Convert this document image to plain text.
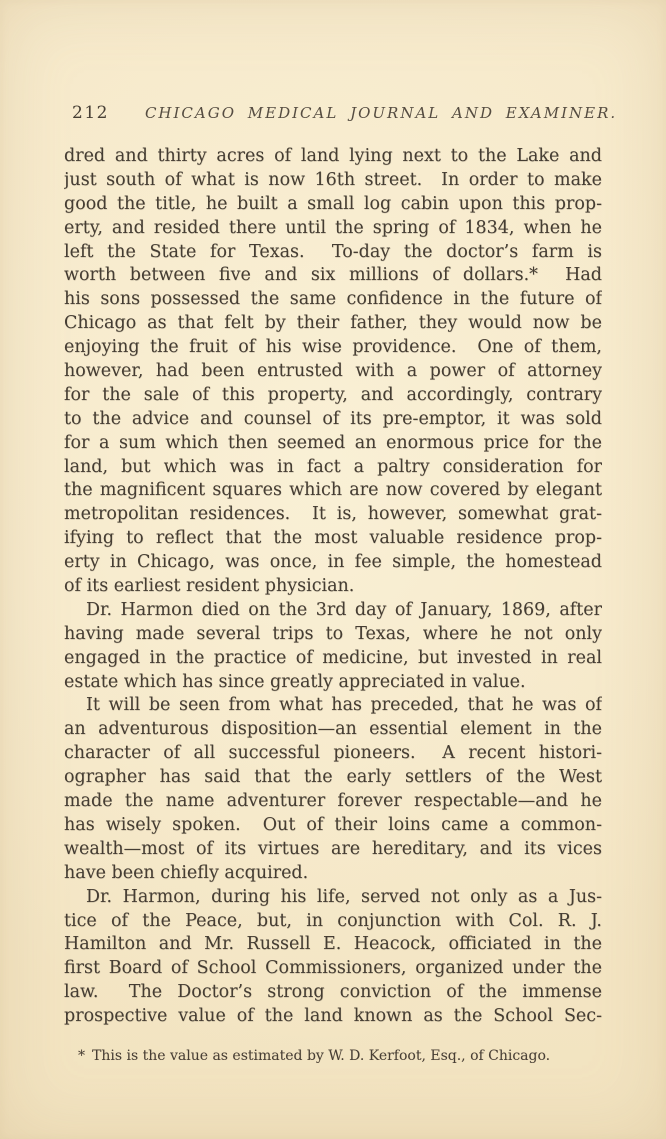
212 CHICAGO MEDICAL JOURNAL AND EXAMINER.
dred and thirty acres of land lying next to the Lake and
just south of what is now 16th street.  In order to make
good the title, he built a small log cabin upon this prop-
erty, and resided there until the spring of 1834, when he
left the State for Texas.  To-day the doctor’s farm is
worth between five and six millions of dollars.*  Had
his sons possessed the same confidence in the future of
Chicago as that felt by their father, they would now be
enjoying the fruit of his wise providence.  One of them,
however, had been entrusted with a power of attorney
for the sale of this property, and accordingly, contrary
to the advice and counsel of its pre-emptor, it was sold
for a sum which then seemed an enormous price for the
land, but which was in fact a paltry consideration for
the magnificent squares which are now covered by elegant
metropolitan residences.  It is, however, somewhat grat-
ifying to reflect that the most valuable residence prop-
erty in Chicago, was once, in fee simple, the homestead
of its earliest resident physician.
Dr. Harmon died on the 3rd day of January, 1869, after
having made several trips to Texas, where he not only
engaged in the practice of medicine, but invested in real
estate which has since greatly appreciated in value.
It will be seen from what has preceded, that he was of
an adventurous disposition—an essential element in the
character of all successful pioneers.  A recent histori-
ographer has said that the early settlers of the West
made the name adventurer forever respectable—and he
has wisely spoken.  Out of their loins came a common-
wealth—most of its virtues are hereditary, and its vices
have been chiefly acquired.
Dr. Harmon, during his life, served not only as a Jus-
tice of the Peace, but, in conjunction with Col. R. J.
Hamilton and Mr. Russell E. Heacock, officiated in the
first Board of School Commissioners, organized under the
law.  The Doctor’s strong conviction of the immense
prospective value of the land known as the School Sec-
* This is the value as estimated by W. D. Kerfoot, Esq., of Chicago.
